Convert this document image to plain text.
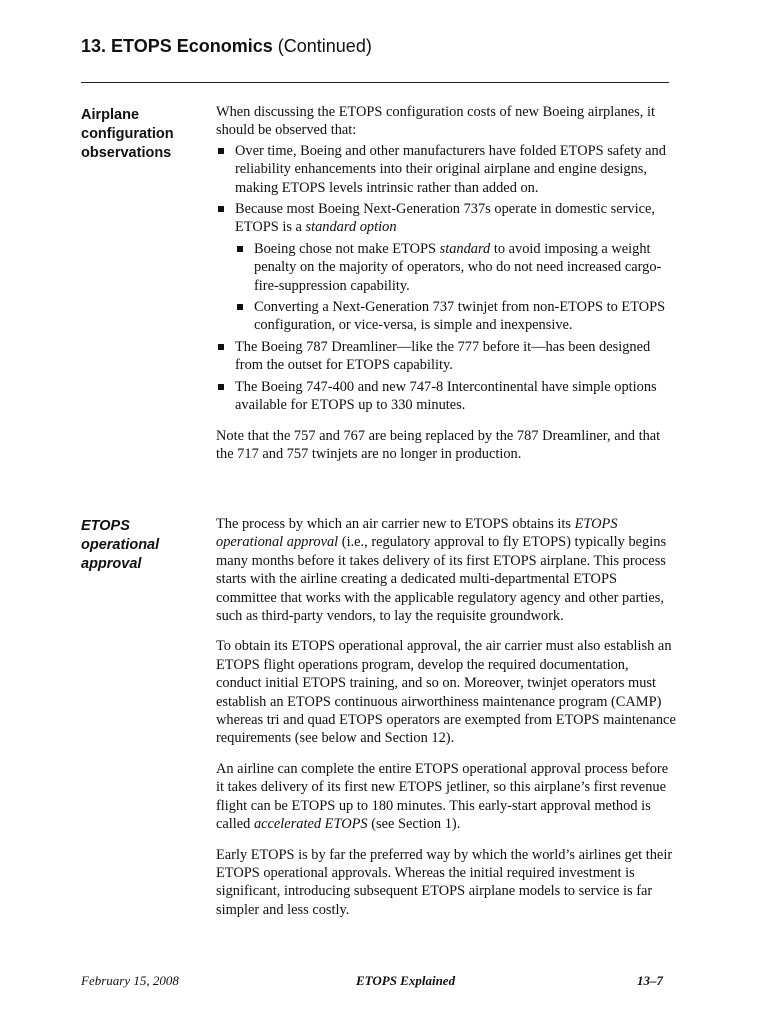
13. ETOPS Economics (Continued)
Airplane
configuration
observations

When discussing the ETOPS configuration costs of new Boeing airplanes, it should be observed that:

Over time, Boeing and other manufacturers have folded ETOPS safety and reliability enhancements into their original airplane and engine designs, making ETOPS levels intrinsic rather than added on.
Because most Boeing Next-Generation 737s operate in domestic service, ETOPS is a standard option
Boeing chose not make ETOPS standard to avoid imposing a weight penalty on the majority of operators, who do not need increased cargo-fire-suppression capability.
Converting a Next-Generation 737 twinjet from non-ETOPS to ETOPS configuration, or vice-versa, is simple and inexpensive.
The Boeing 787 Dreamliner—like the 777 before it—has been designed from the outset for ETOPS capability.
The Boeing 747-400 and new 747-8 Intercontinental have simple options available for ETOPS up to 330 minutes.

Note that the 757 and 767 are being replaced by the 787 Dreamliner, and that the 717 and 757 twinjets are no longer in production.

ETOPS
operational
approval

The process by which an air carrier new to ETOPS obtains its ETOPS operational approval (i.e., regulatory approval to fly ETOPS) typically begins many months before it takes delivery of its first ETOPS airplane. This process starts with the airline creating a dedicated multi-departmental ETOPS committee that works with the applicable regulatory agency and other parties, such as third-party vendors, to lay the requisite groundwork.

To obtain its ETOPS operational approval, the air carrier must also establish an ETOPS flight operations program, develop the required documentation, conduct initial ETOPS training, and so on. Moreover, twinjet operators must establish an ETOPS continuous airworthiness maintenance program (CAMP) whereas tri and quad ETOPS operators are exempted from ETOPS maintenance requirements (see below and Section 12).

An airline can complete the entire ETOPS operational approval process before it takes delivery of its first new ETOPS jetliner, so this airplane’s first revenue flight can be ETOPS up to 180 minutes. This early-start approval method is called accelerated ETOPS (see Section 1).

Early ETOPS is by far the preferred way by which the world’s airlines get their ETOPS operational approvals. Whereas the initial required investment is significant, introducing subsequent ETOPS airplane models to service is far simpler and less costly.

February 15, 2008	ETOPS Explained	13–7
